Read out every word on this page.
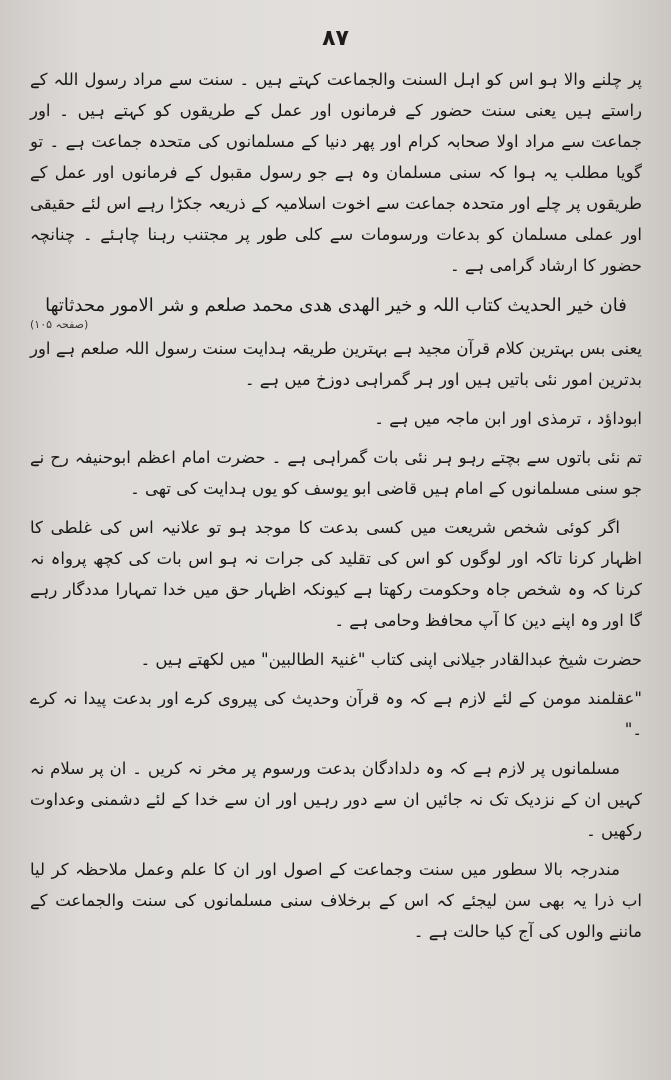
۸۷

پر چلنے والا ہو اس کو اہل السنت والجماعت کہتے ہیں ۔ سنت سے مراد رسول اللہ کے راستے ہیں یعنی سنت حضور کے فرمانوں اور عمل کے طریقوں کو کہتے ہیں ۔ اور جماعت سے مراد اولا صحابہ کرام اور پھر دنیا کے مسلمانوں کی متحدہ جماعت ہے ۔ تو گویا مطلب یہ ہوا کہ سنی مسلمان وہ ہے جو رسول مقبول کے فرمانوں اور عمل کے طریقوں پر چلے اور متحدہ جماعت سے اخوت اسلامیہ کے ذریعہ جکڑا رہے اس لئے حقیقی اور عملی مسلمان کو بدعات ورسومات سے کلی طور پر مجتنب رہنا چاہئے ۔ چنانچہ حضور کا ارشاد گرامی ہے ۔

فان خیر الحدیث کتاب اللہ و خیر الھدی ھدی محمد صلعم و شر الامور محدثاتھا

(صفحہ ۱۰۵)

یعنی بس بہترین کلام قرآن مجید ہے بہترین طریقہ ہدایت سنت رسول اللہ صلعم ہے اور بدترین امور نئی باتیں ہیں اور ہر گمراہی دوزخ میں ہے ۔

ابوداؤد ، ترمذی اور ابن ماجہ میں ہے ۔

تم نئی باتوں سے بچتے رہو ہر نئی بات گمراہی ہے ۔ حضرت امام اعظم ابوحنیفہ رح نے جو سنی مسلمانوں کے امام ہیں قاضی ابو یوسف کو یوں ہدایت کی تھی ۔

اگر کوئی شخص شریعت میں کسی بدعت کا موجد ہو تو علانیہ اس کی غلطی کا اظہار کرنا تاکہ اور لوگوں کو اس کی تقلید کی جرات نہ ہو اس بات کی کچھ پرواہ نہ کرنا کہ وہ شخص جاہ وحکومت رکھتا ہے کیونکہ اظہار حق میں خدا تمہارا مددگار رہے گا اور وہ اپنے دین کا آپ محافظ وحامی ہے ۔

حضرت شیخ عبدالقادر جیلانی اپنی کتاب "غنیۃ الطالبین" میں لکھتے ہیں ۔

"عقلمند مومن کے لئے لازم ہے کہ وہ قرآن وحدیث کی پیروی کرے اور بدعت پیدا نہ کرے ۔"

مسلمانوں پر لازم ہے کہ وہ دلدادگان بدعت ورسوم پر مخر نہ کریں ۔ ان پر سلام نہ کہیں ان کے نزدیک تک نہ جائیں ان سے دور رہیں اور ان سے خدا کے لئے دشمنی وعداوت رکھیں ۔

مندرجہ بالا سطور میں سنت وجماعت کے اصول اور ان کا علم وعمل ملاحظہ کر لیا اب ذرا یہ بھی سن لیجئے کہ اس کے برخلاف سنی مسلمانوں کی سنت والجماعت کے ماننے والوں کی آج کیا حالت ہے ۔
